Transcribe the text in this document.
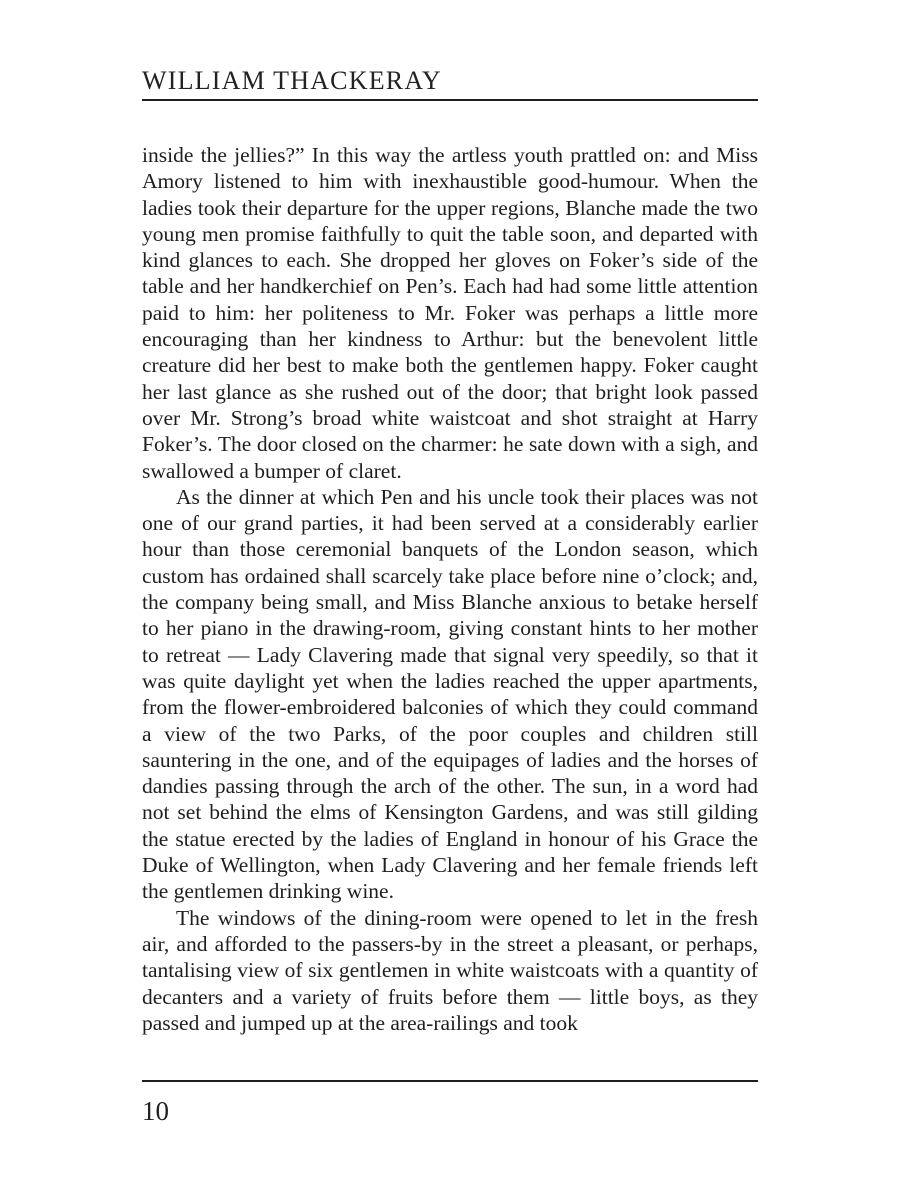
WILLIAM THACKERAY

inside the jellies?” In this way the artless youth prattled on: and Miss Amory listened to him with inexhaustible good-humour. When the ladies took their departure for the upper regions, Blanche made the two young men promise faithfully to quit the table soon, and departed with kind glances to each. She dropped her gloves on Foker’s side of the table and her handkerchief on Pen’s. Each had had some little attention paid to him: her politeness to Mr. Foker was perhaps a little more encouraging than her kindness to Arthur: but the benevolent little creature did her best to make both the gentlemen happy. Foker caught her last glance as she rushed out of the door; that bright look passed over Mr. Strong’s broad white waistcoat and shot straight at Harry Foker’s. The door closed on the charmer: he sate down with a sigh, and swallowed a bumper of claret.

As the dinner at which Pen and his uncle took their places was not one of our grand parties, it had been served at a considerably earlier hour than those ceremonial banquets of the London season, which custom has ordained shall scarcely take place before nine o’clock; and, the company being small, and Miss Blanche anxious to betake herself to her piano in the drawing-room, giving constant hints to her mother to retreat — Lady Clavering made that signal very speedily, so that it was quite daylight yet when the ladies reached the upper apartments, from the flower-embroidered balconies of which they could command a view of the two Parks, of the poor couples and children still sauntering in the one, and of the equipages of ladies and the horses of dandies passing through the arch of the other. The sun, in a word had not set behind the elms of Kensington Gardens, and was still gilding the statue erected by the ladies of England in honour of his Grace the Duke of Wellington, when Lady Clavering and her female friends left the gentlemen drinking wine.

The windows of the dining-room were opened to let in the fresh air, and afforded to the passers-by in the street a pleasant, or perhaps, tantalising view of six gentlemen in white waistcoats with a quantity of decanters and a variety of fruits before them — little boys, as they passed and jumped up at the area-railings and took

10
